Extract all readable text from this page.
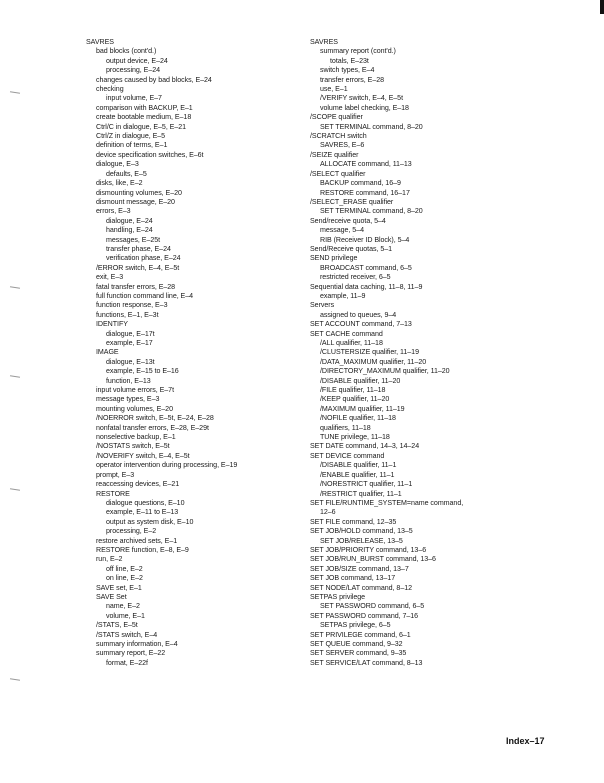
SAVRES
bad blocks (cont'd.)
output device, E–24
processing, E–24
changes caused by bad blocks, E–24
checking
input volume, E–7
comparison with BACKUP, E–1
create bootable medium, E–18
Ctrl/C in dialogue, E–5, E–21
Ctrl/Z in dialogue, E–5
definition of terms, E–1
device specification switches, E–6t
dialogue, E–3
defaults, E–5
disks, like, E–2
dismounting volumes, E–20
dismount message, E–20
errors, E–3
dialogue, E–24
handling, E–24
messages, E–25t
transfer phase, E–24
verification phase, E–24
/ERROR switch, E–4, E–5t
exit, E–3
fatal transfer errors, E–28
full function command line, E–4
function response, E–3
functions, E–1, E–3t
IDENTIFY
dialogue, E–17t
example, E–17
IMAGE
dialogue, E–13t
example, E–15 to E–16
function, E–13
input volume errors, E–7t
message types, E–3
mounting volumes, E–20
/NOERROR switch, E–5t, E–24, E–28
nonfatal transfer errors, E–28, E–29t
nonselective backup, E–1
/NOSTATS switch, E–5t
/NOVERIFY switch, E–4, E–5t
operator intervention during processing, E–19
prompt, E–3
reaccessing devices, E–21
RESTORE
dialogue questions, E–10
example, E–11 to E–13
output as system disk, E–10
processing, E–2
restore archived sets, E–1
RESTORE function, E–8, E–9
run, E–2
off line, E–2
on line, E–2
SAVE set, E–1
SAVE Set
name, E–2
volume, E–1
/STATS, E–5t
/STATS switch, E–4
summary information, E–4
summary report, E–22
format, E–22f
SAVRES
summary report (cont'd.)
totals, E–23t
switch types, E–4
transfer errors, E–28
use, E–1
/VERIFY switch, E–4, E–5t
volume label checking, E–18
/SCOPE qualifier
SET TERMINAL command, 8–20
/SCRATCH switch
SAVRES, E–6
/SEIZE qualifier
ALLOCATE command, 11–13
/SELECT qualifier
BACKUP command, 16–9
RESTORE command, 16–17
/SELECT_ERASE qualifier
SET TERMINAL command, 8–20
Send/receive quota, 5–4
message, 5–4
RIB (Receiver ID Block), 5–4
Send/Receive quotas, 5–1
SEND privilege
BROADCAST command, 6–5
restricted receiver, 6–5
Sequential data caching, 11–8, 11–9
example, 11–9
Servers
assigned to queues, 9–4
SET ACCOUNT command, 7–13
SET CACHE command
/ALL qualifier, 11–18
/CLUSTERSIZE qualifier, 11–19
/DATA_MAXIMUM qualifier, 11–20
/DIRECTORY_MAXIMUM qualifier, 11–20
/DISABLE qualifier, 11–20
/FILE qualifier, 11–18
/KEEP qualifier, 11–20
/MAXIMUM qualifier, 11–19
/NOFILE qualifier, 11–18
qualifiers, 11–18
TUNE privilege, 11–18
SET DATE command, 14–3, 14–24
SET DEVICE command
/DISABLE qualifier, 11–1
/ENABLE qualifier, 11–1
/NORESTRICT qualifier, 11–1
/RESTRICT qualifier, 11–1
SET FILE/RUNTIME_SYSTEM=name command,
12–6
SET FILE command, 12–35
SET JOB/HOLD command, 13–5
SET JOB/RELEASE, 13–5
SET JOB/PRIORITY command, 13–6
SET JOB/RUN_BURST command, 13–6
SET JOB/SIZE command, 13–7
SET JOB command, 13–17
SET NODE/LAT command, 8–12
SETPAS privilege
SET PASSWORD command, 6–5
SET PASSWORD command, 7–16
SETPAS privilege, 6–5
SET PRIVILEGE command, 6–1
SET QUEUE command, 9–32
SET SERVER command, 9–35
SET SERVICE/LAT command, 8–13
Index–17
